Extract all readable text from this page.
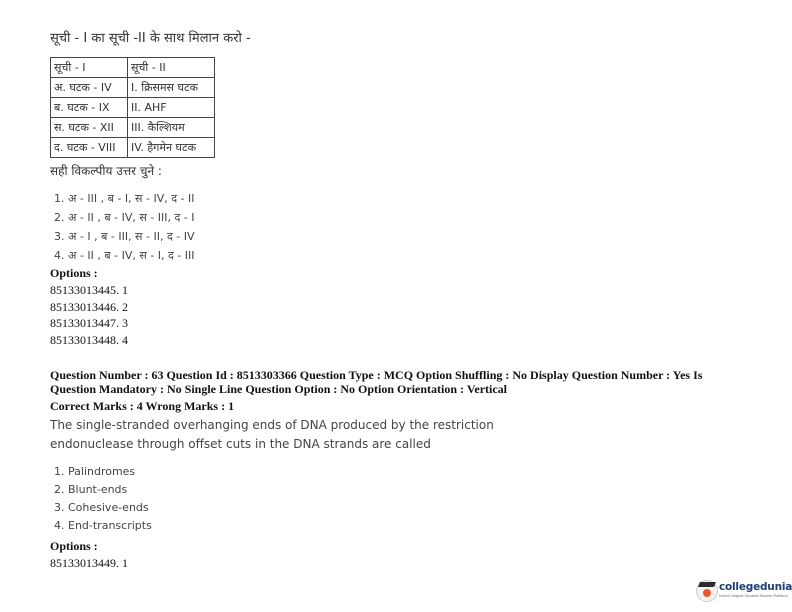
सूची - I का सूची -II के साथ मिलान करो -
सूची - I	सूची - II
अ. घटक - IV	I. क्रिसमस घटक
ब. घटक - IX	II. AHF
स. घटक - XII	III. कैल्शियम
द. घटक - VIII	IV. हैगमेन घटक
सही विकल्पीय उत्तर चुने :
1. अ - III , ब - I, स - IV, द - II
2. अ - II , ब - IV, स - III, द - I
3. अ - I , ब - III, स - II, द - IV
4. अ - II , ब - IV, स - I, द - III
Options :
85133013445. 1
85133013446. 2
85133013447. 3
85133013448. 4
Question Number : 63 Question Id : 8513303366 Question Type : MCQ Option Shuffling : No Display Question Number : Yes Is Question Mandatory : No Single Line Question Option : No Option Orientation : Vertical
Correct Marks : 4 Wrong Marks : 1
The single-stranded overhanging ends of DNA produced by the restriction
endonuclease through offset cuts in the DNA strands are called
1. Palindromes
2. Blunt-ends
3. Cohesive-ends
4. End-transcripts
Options :
85133013449. 1
collegedunia
India's largest Student Review Platform
